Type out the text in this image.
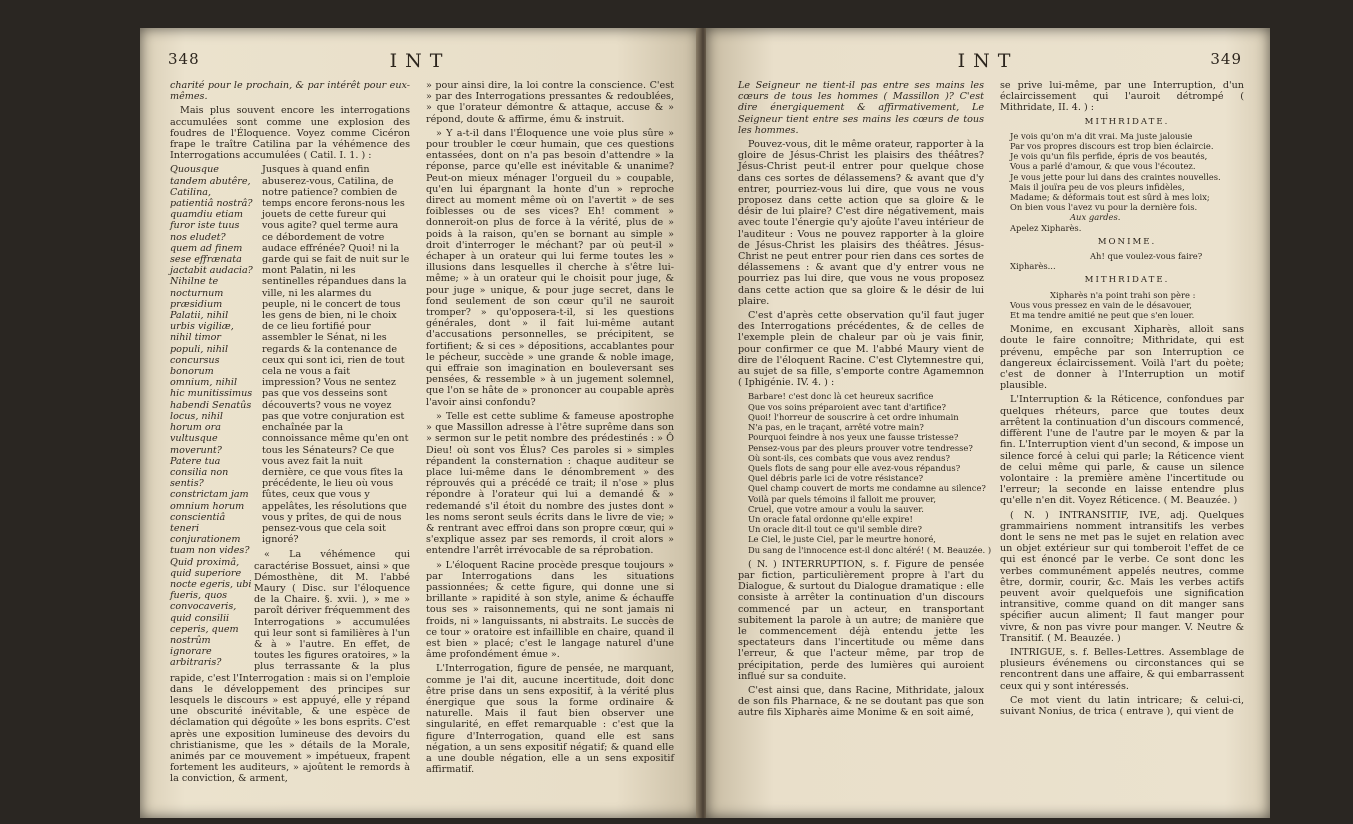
348	INT

charité pour le prochain, & par intérêt pour eux-mêmes.

Mais plus souvent encore les interrogations accumulées sont comme une explosion des foudres de l'Éloquence. Voyez comme Cicéron frape le traître Catilina par la véhémence des Interrogations accumulées ( Catil. I. 1. ) :

Quousque tandem abutêre, Catilina, patientiâ nostrâ? quamdiu etiam furor iste tuus nos eludet? quem ad finem sese effrænata jactabit audacia? Nihilne te nocturnum præsidium Palatii, nihil urbis vigiliæ, nihil timor populi, nihil concursus bonorum omnium, nihil hic munitissimus habendi Senatûs locus, nihil horum ora vultusque moverunt? Patere tua consilia non sentis? constrictam jam omnium horum conscientiâ teneri conjurationem tuam non vides? Quid proximâ, quid superiore nocte egeris, ubi fueris, quos convocaveris, quid consilii ceperis, quem nostrûm ignorare arbitraris?
Jusques à quand enfin abuserez-vous, Catilina, de notre patience? combien de temps encore ferons-nous les jouets de cette fureur qui vous agite? quel terme aura ce débordement de votre audace effrénée? Quoi! ni la garde qui se fait de nuit sur le mont Palatin, ni les sentinelles répandues dans la ville, ni les alarmes du peuple, ni le concert de tous les gens de bien, ni le choix de ce lieu fortifié pour assembler le Sénat, ni les regards & la contenance de ceux qui sont ici, rien de tout cela ne vous a fait impression? Vous ne sentez pas que vos desseins sont découverts? vous ne voyez pas que votre conjuration est enchaînée par la connoissance même qu'en ont tous les Sénateurs? Ce que vous avez fait la nuit dernière, ce que vous fîtes la précédente, le lieu où vous fûtes, ceux que vous y appelâtes, les résolutions que vous y prîtes, de qui de nous pensez-vous que cela soit ignoré?

« La véhémence qui caractérise Bossuet, ainsi » que Démosthène, dit M. l'abbé Maury ( Disc. sur l'éloquence de la Chaire. §. xvii. ), » me » paroît dériver fréquemment des Interrogations » accumulées qui leur sont si familières à l'un & à » l'autre. En effet, de toutes les figures oratoires, » la plus terrassante & la plus rapide, c'est l'Interrogation : mais si on l'emploie dans le développement des principes sur lesquels le discours » est appuyé, elle y répand une obscurité inévitable, & une espèce de déclamation qui dégoûte » les bons esprits. C'est après une exposition lumineuse des devoirs du christianisme, que les » détails de la Morale, animés par ce mouvement » impétueux, frapent fortement les auditeurs, » ajoûtent le remords à la conviction, & arment,

» pour ainsi dire, la loi contre la conscience. C'est » par des Interrogations pressantes & redoublées, » que l'orateur démontre & attaque, accuse & » répond, doute & affirme, ému & instruit.

» Y a-t-il dans l'Éloquence une voie plus sûre » pour troubler le cœur humain, que ces questions entassées, dont on n'a pas besoin d'attendre » la réponse, parce qu'elle est inévitable & unanime? Peut-on mieux ménager l'orgueil du » coupable, qu'en lui épargnant la honte d'un » reproche direct au moment même où on l'avertit » de ses foiblesses ou de ses vices? Eh! comment » donneroit-on plus de force à la vérité, plus de » poids à la raison, qu'en se bornant au simple » droit d'interroger le méchant? par où peut-il » échaper à un orateur qui lui ferme toutes les » illusions dans lesquelles il cherche à s'être lui-même; » à un orateur qui le choisit pour juge, & pour juge » unique, & pour juge secret, dans le fond seulement de son cœur qu'il ne sauroit tromper? » qu'opposera-t-il, si les questions générales, dont » il fait lui-même autant d'accusations personnelles, se précipitent, se fortifient; & si ces » dépositions, accablantes pour le pécheur, succède » une grande & noble image, qui effraie son imagination en bouleversant ses pensées, & ressemble » à un jugement solemnel, que l'on se hâte de » prononcer au coupable après l'avoir ainsi confondu?

» Telle est cette sublime & fameuse apostrophe » que Massillon adresse à l'être suprême dans son » sermon sur le petit nombre des prédestinés : » Ô Dieu! où sont vos Élus? Ces paroles si » simples répandent la consternation : chaque auditeur se place lui-même dans le dénombrement » des réprouvés qui a précédé ce trait; il n'ose » plus répondre à l'orateur qui lui a demandé & » redemandé s'il étoit du nombre des justes dont » les noms seront seuls écrits dans le livre de vie; » & rentrant avec effroi dans son propre cœur, qui » s'explique assez par ses remords, il croit alors » entendre l'arrêt irrévocable de sa réprobation.

» L'éloquent Racine procède presque toujours » par Interrogations dans les situations passionnées; & cette figure, qui donne une si brillante » rapidité à son style, anime & échauffe tous ses » raisonnements, qui ne sont jamais ni froids, ni » languissants, ni abstraits. Le succès de ce tour » oratoire est infaillible en chaire, quand il est bien » placé; c'est le langage naturel d'une âme profondément émue ».

L'Interrogation, figure de pensée, ne marquant, comme je l'ai dit, aucune incertitude, doit donc être prise dans un sens expositif, à la vérité plus énergique que sous la forme ordinaire & naturelle. Mais il faut bien observer une singularité, en effet remarquable : c'est que la figure d'Interrogation, quand elle est sans négation, a un sens expositif négatif; & quand elle a une double négation, elle a un sens expositif affirmatif.

INT	349

Le Seigneur ne tient-il pas entre ses mains les cœurs de tous les hommes ( Massillon )? C'est dire énergiquement & affirmativement, Le Seigneur tient entre ses mains les cœurs de tous les hommes.

Pouvez-vous, dit le même orateur, rapporter à la gloire de Jésus-Christ les plaisirs des théâtres? Jésus-Christ peut-il entrer pour quelque chose dans ces sortes de délassemens? & avant que d'y entrer, pourriez-vous lui dire, que vous ne vous proposez dans cette action que sa gloire & le désir de lui plaire? C'est dire négativement, mais avec toute l'énergie qu'y ajoûte l'aveu intérieur de l'auditeur : Vous ne pouvez rapporter à la gloire de Jésus-Christ les plaisirs des théâtres. Jésus-Christ ne peut entrer pour rien dans ces sortes de délassemens : & avant que d'y entrer vous ne pourriez pas lui dire, que vous ne vous proposez dans cette action que sa gloire & le désir de lui plaire.

C'est d'après cette observation qu'il faut juger des Interrogations précédentes, & de celles de l'exemple plein de chaleur par où je vais finir, pour confirmer ce que M. l'abbé Maury vient de dire de l'éloquent Racine. C'est Clytemnestre qui, au sujet de sa fille, s'emporte contre Agamemnon ( Iphigénie. IV. 4. ) :

Barbare! c'est donc là cet heureux sacrifice
Que vos soins préparoient avec tant d'artifice?
Quoi! l'horreur de souscrire à cet ordre inhumain
N'a pas, en le traçant, arrêté votre main?
Pourquoi feindre à nos yeux une fausse tristesse?
Pensez-vous par des pleurs prouver votre tendresse?
Où sont-ils, ces combats que vous avez rendus?
Quels flots de sang pour elle avez-vous répandus?
Quel débris parle ici de votre résistance?
Quel champ couvert de morts me condamne au silence?
Voilà par quels témoins il falloit me prouver,
Cruel, que votre amour a voulu la sauver.
Un oracle fatal ordonne qu'elle expire!
Un oracle dit-il tout ce qu'il semble dire?
Le Ciel, le juste Ciel, par le meurtre honoré,
Du sang de l'innocence est-il donc altéré! ( M. Beauzée. )

( N. ) INTERRUPTION, s. f. Figure de pensée par fiction, particulièrement propre à l'art du Dialogue, & surtout du Dialogue dramatique : elle consiste à arrêter la continuation d'un discours commencé par un acteur, en transportant subitement la parole à un autre; de manière que le commencement déjà entendu jette les spectateurs dans l'incertitude ou même dans l'erreur, & que l'acteur même, par trop de précipitation, perde des lumières qui auroient influé sur sa conduite.

C'est ainsi que, dans Racine, Mithridate, jaloux de son fils Pharnace, & ne se doutant pas que son autre fils Xipharès aime Monime & en soit aimé,

se prive lui-même, par une Interruption, d'un éclaircissement qui l'auroit détrompé ( Mithridate, II. 4. ) :

MITHRIDATE.

Je vois qu'on m'a dit vrai. Ma juste jalousie
Par vos propres discours est trop bien éclaircie.
Je vois qu'un fils perfide, épris de vos beautés,
Vous a parlé d'amour, & que vous l'écoutez.
Je vous jette pour lui dans des craintes nouvelles.
Mais il jouïra peu de vos pleurs infidèles,
Madame; & déformais tout est sûrd à mes loix;
On bien vous l'avez vu pour la dernière fois.
Aux gardes.
Apelez Xipharès.

MONIME.

Ah! que voulez-vous faire?
Xipharès...

MITHRIDATE.

Xipharès n'a point trahi son père :
Vous vous pressez en vain de le désavouer,
Et ma tendre amitié ne peut que s'en louer.

Monime, en excusant Xipharès, alloit sans doute le faire connoître; Mithridate, qui est prévenu, empêche par son Interruption ce dangereux éclaircissement. Voilà l'art du poète; c'est de donner à l'Interruption un motif plausible.

L'Interruption & la Réticence, confondues par quelques rhéteurs, parce que toutes deux arrêtent la continuation d'un discours commencé, diffèrent l'une de l'autre par le moyen & par la fin. L'Interruption vient d'un second, & impose un silence forcé à celui qui parle; la Réticence vient de celui même qui parle, & cause un silence volontaire : la première amène l'incertitude ou l'erreur; la seconde en laisse entendre plus qu'elle n'en dit. Voyez Réticence. ( M. Beauzée. )

( N. ) INTRANSITIF, IVE, adj. Quelques grammairiens nomment intransitifs les verbes dont le sens ne met pas le sujet en relation avec un objet extérieur sur qui tomberoit l'effet de ce qui est énoncé par le verbe. Ce sont donc les verbes communément appelés neutres, comme être, dormir, courir, &c. Mais les verbes actifs peuvent avoir quelquefois une signification intransitive, comme quand on dit manger sans spécifier aucun aliment; Il faut manger pour vivre, & non pas vivre pour manger. V. Neutre & Transitif. ( M. Beauzée. )

INTRIGUE, s. f. Belles-Lettres. Assemblage de plusieurs événemens ou circonstances qui se rencontrent dans une affaire, & qui embarrassent ceux qui y sont intéressés.

Ce mot vient du latin intricare; & celui-ci, suivant Nonius, de trica ( entrave ), qui vient de
